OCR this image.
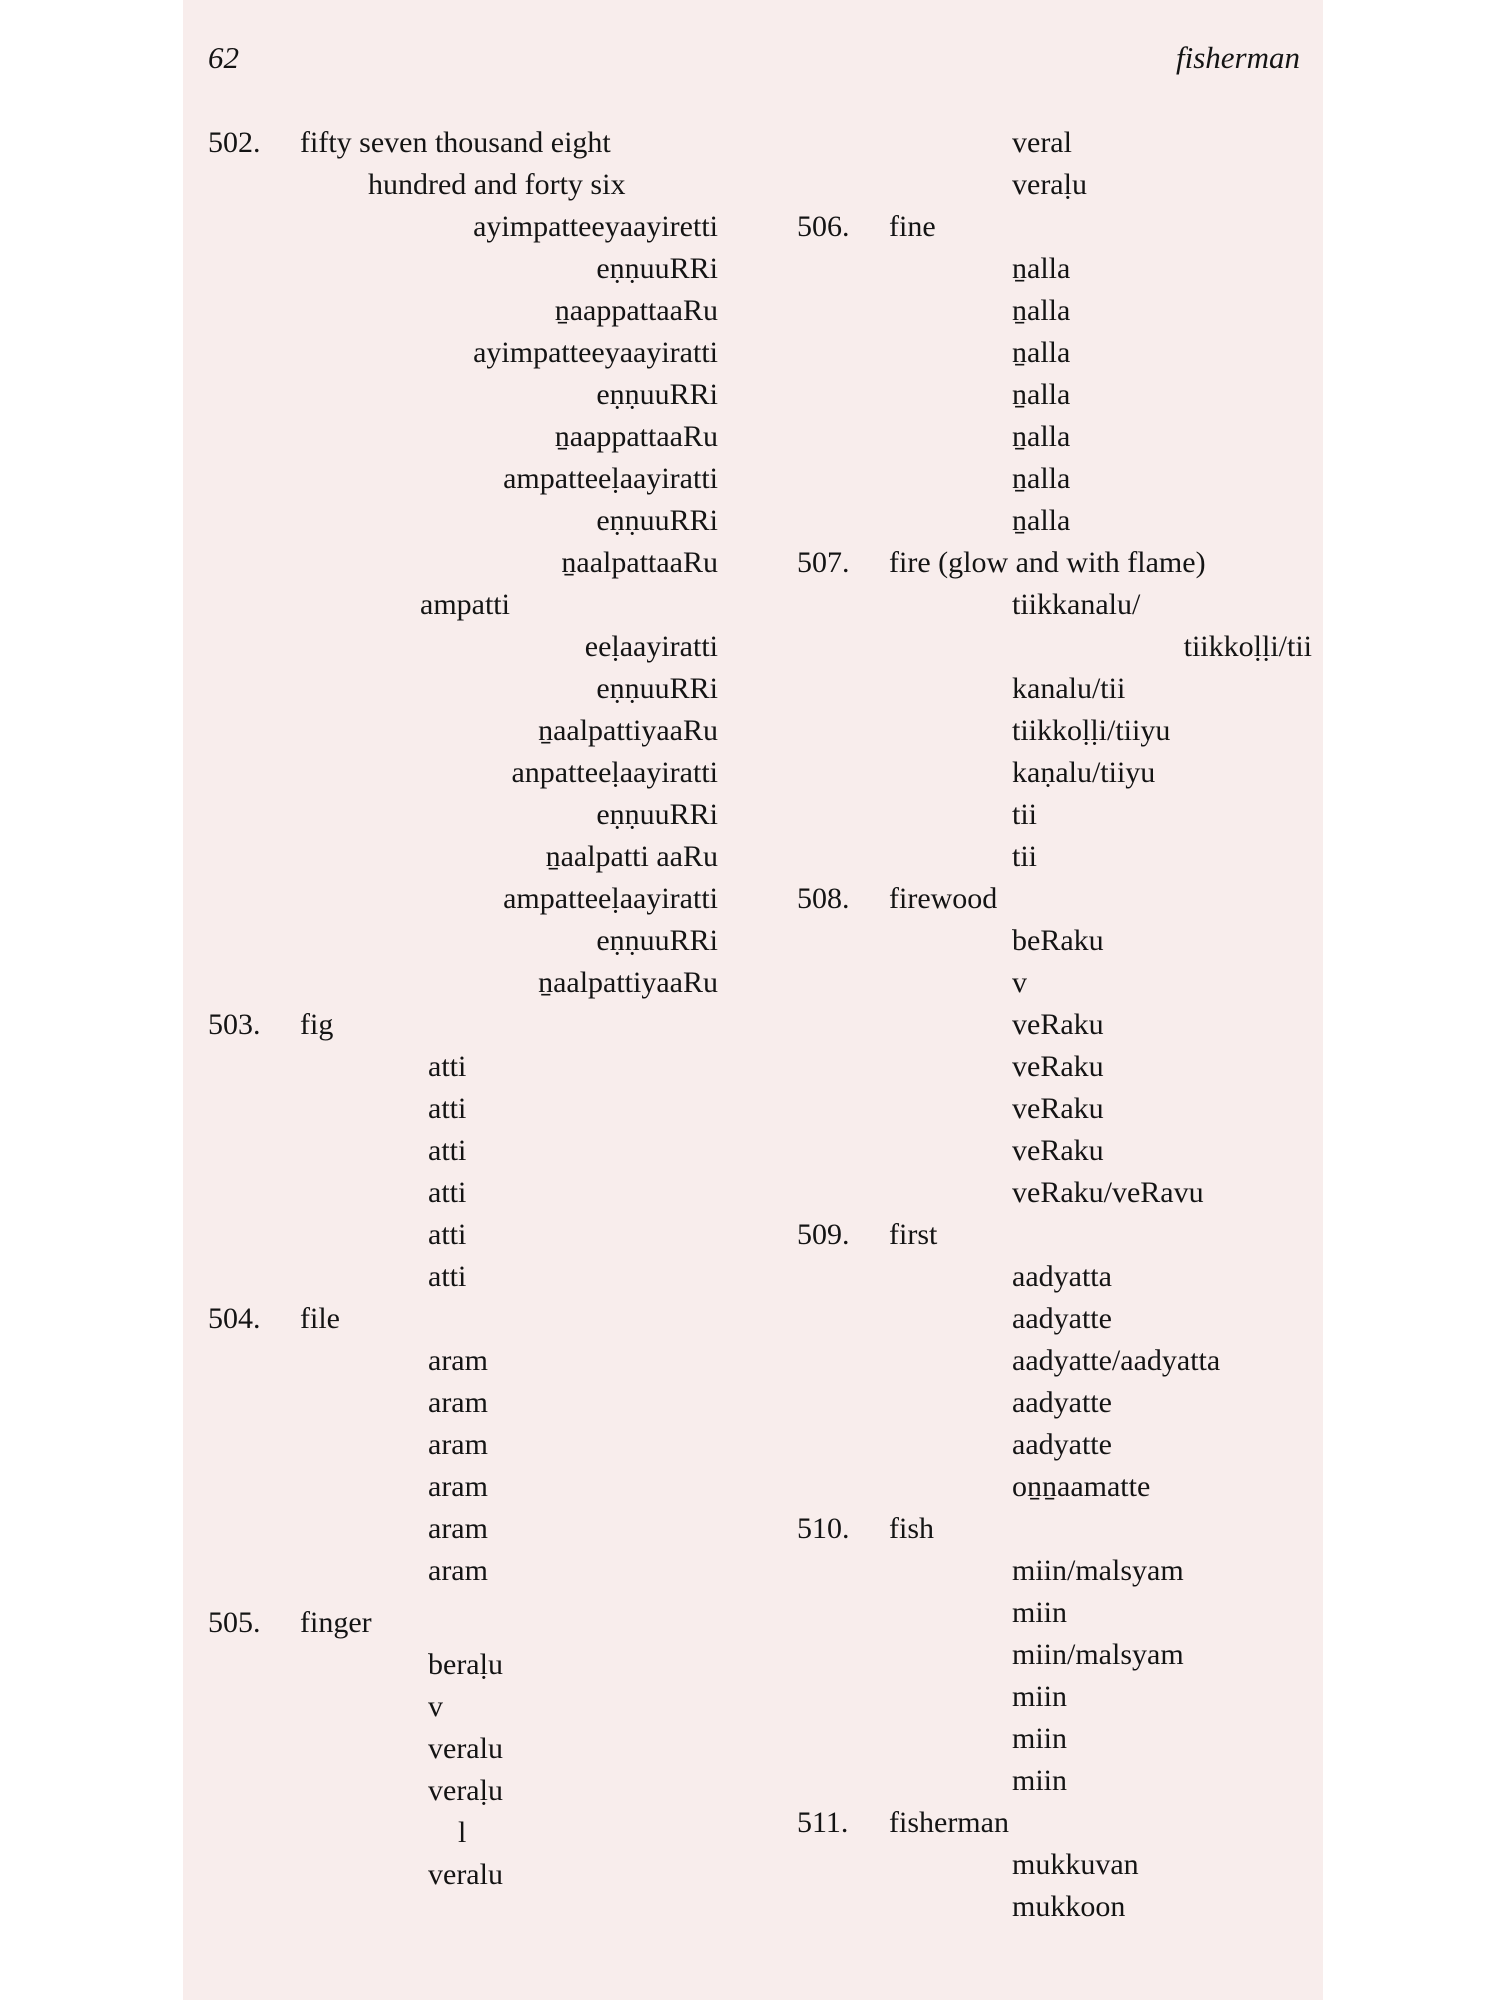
62	fisherman
502. fifty seven thousand eight
hundred and forty six
ayimpatteeyaayiretti
eṇṇuuRRi
ṉaappattaaRu
ayimpatteeyaayiratti
eṇṇuuRRi
ṉaappattaaRu
ampatteeḷaayiratti
eṇṇuuRRi
ṉaalpattaaRu
ampatti
eeḷaayiratti
eṇṇuuRRi
ṉaalpattiyaaRu
anpatteeḷaayiratti
eṇṇuuRRi
ṉaalpatti aaRu
ampatteeḷaayiratti
eṇṇuuRRi
ṉaalpattiyaaRu
503. fig
atti
atti
atti
atti
atti
atti
504. file
aram
aram
aram
aram
aram
aram
505. finger
beraḷu
v
veralu
veraḷu
l
veralu
veral
veraḷu
506. fine
ṉalla
ṉalla
ṉalla
ṉalla
ṉalla
ṉalla
ṉalla
507. fire (glow and with flame)
tiikkanalu/
tiikkoḷḷi/tii
kanalu/tii
tiikkoḷḷi/tiiyu
kaṇalu/tiiyu
tii
tii
508. firewood
beRaku
v
veRaku
veRaku
veRaku
veRaku
veRaku/veRavu
509. first
aadyatta
aadyatte
aadyatte/aadyatta
aadyatte
aadyatte
oṉṉaamatte
510. fish
miin/malsyam
miin
miin/malsyam
miin
miin
miin
511. fisherman
mukkuvan
mukkoon
